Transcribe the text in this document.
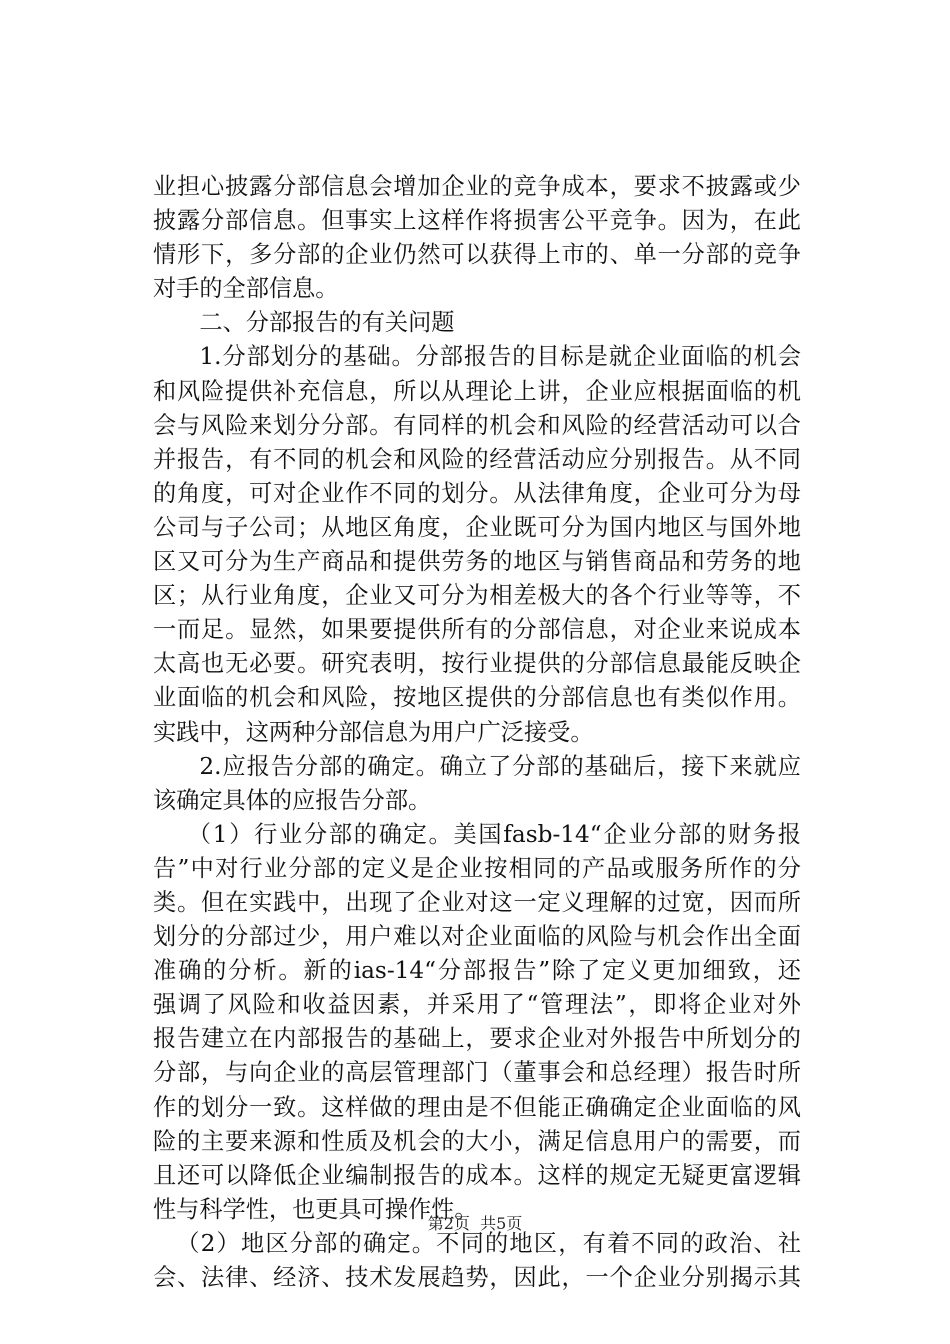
业担心披露分部信息会增加企业的竞争成本，要求不披露或少
披露分部信息。但事实上这样作将损害公平竞争。因为，在此
情形下，多分部的企业仍然可以获得上市的、单一分部的竞争
对手的全部信息。
二、分部报告的有关问题
1.分部划分的基础。分部报告的目标是就企业面临的机会
和风险提供补充信息，所以从理论上讲，企业应根据面临的机
会与风险来划分分部。有同样的机会和风险的经营活动可以合
并报告，有不同的机会和风险的经营活动应分别报告。从不同
的角度，可对企业作不同的划分。从法律角度，企业可分为母
公司与子公司；从地区角度，企业既可分为国内地区与国外地
区又可分为生产商品和提供劳务的地区与销售商品和劳务的地
区；从行业角度，企业又可分为相差极大的各个行业等等，不
一而足。显然，如果要提供所有的分部信息，对企业来说成本
太高也无必要。研究表明，按行业提供的分部信息最能反映企
业面临的机会和风险，按地区提供的分部信息也有类似作用。
实践中，这两种分部信息为用户广泛接受。
2.应报告分部的确定。确立了分部的基础后，接下来就应
该确定具体的应报告分部。
（1）行业分部的确定。美国fasb-14“企业分部的财务报
告”中对行业分部的定义是企业按相同的产品或服务所作的分
类。但在实践中，出现了企业对这一定义理解的过宽，因而所
划分的分部过少，用户难以对企业面临的风险与机会作出全面
准确的分析。新的ias-14“分部报告”除了定义更加细致，还
强调了风险和收益因素，并采用了“管理法”，即将企业对外
报告建立在内部报告的基础上，要求企业对外报告中所划分的
分部，与向企业的高层管理部门（董事会和总经理）报告时所
作的划分一致。这样做的理由是不但能正确确定企业面临的风
险的主要来源和性质及机会的大小，满足信息用户的需要，而
且还可以降低企业编制报告的成本。这样的规定无疑更富逻辑
性与科学性，也更具可操作性。
（2）地区分部的确定。不同的地区，有着不同的政治、社
会、法律、经济、技术发展趋势，因此，一个企业分别揭示其
第2页  共5页
